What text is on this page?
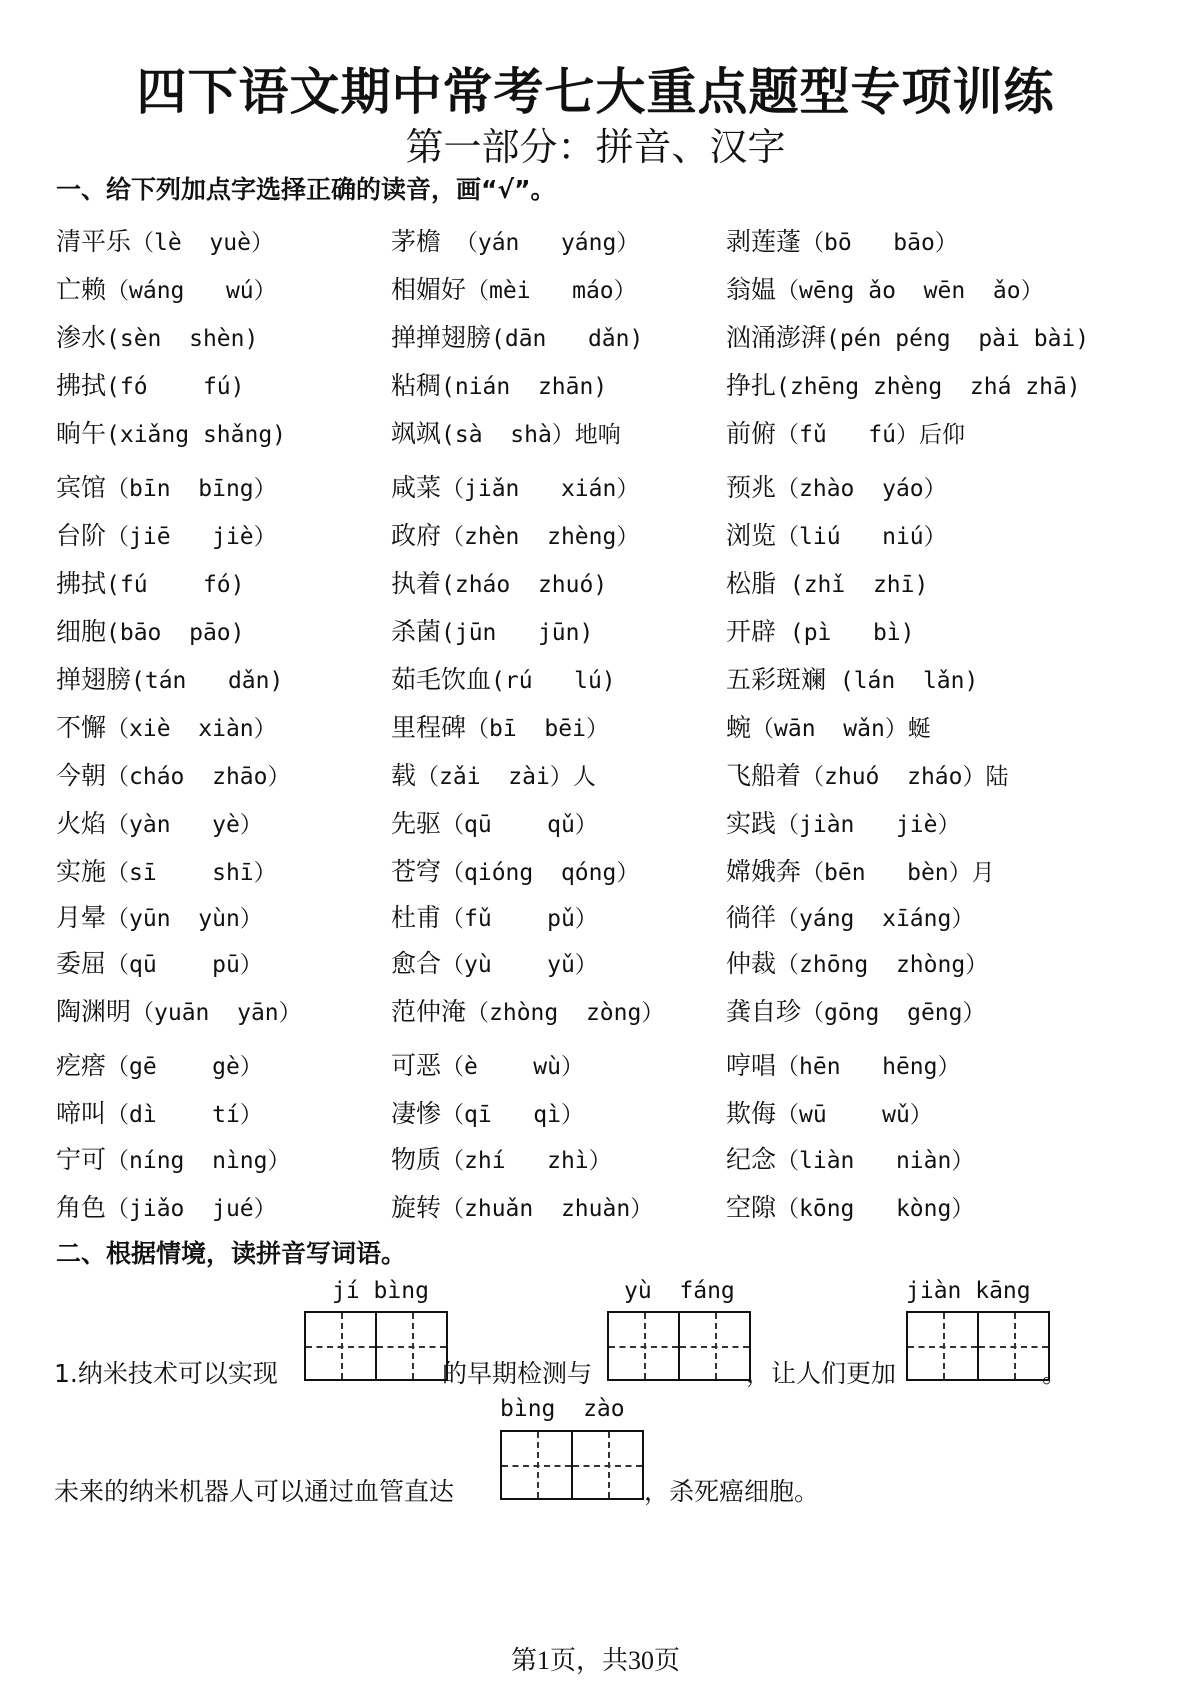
四下语文期中常考七大重点题型专项训练
第一部分：拼音、汉字
一、给下列加点字选择正确的读音，画“√”。
清平乐（lè  yuè）	茅檐 （yán   yáng）	剥莲蓬（bō   bāo）
亡赖（wáng   wú）	相媚好（mèi   máo）	翁媪（wēng ǎo  wēn  ǎo）
渗水(sèn  shèn)	掸掸翅膀(dān   dǎn)	汹涌澎湃(pén péng  pài bài)
拂拭(fó    fú)	粘稠(nián  zhān)	挣扎(zhēng zhèng  zhá zhā)
晌午(xiǎng shǎng)	飒飒(sà  shà）地响	前俯（fǔ   fú）后仰
宾馆（bīn  bīng）	咸菜（jiǎn   xián）	预兆（zhào  yáo）
台阶（jiē   jiè）	政府（zhèn  zhèng）	浏览（liú   niú）
拂拭(fú    fó)	执着(zháo  zhuó)	松脂 (zhǐ  zhī)
细胞(bāo  pāo)	杀菌(jūn   jūn)	开辟 (pì   bì)
掸翅膀(tán   dǎn)	茹毛饮血(rú   lú)	五彩斑斓 (lán  lǎn)
不懈（xiè  xiàn）	里程碑（bī  bēi）	蜿（wān  wǎn）蜒
今朝（cháo  zhāo）	载（zǎi  zài）人	飞船着（zhuó  zháo）陆
火焰（yàn   yè）	先驱（qū    qǔ）	实践（jiàn   jiè）
实施（sī    shī）	苍穹（qióng  qóng）	嫦娥奔（bēn   bèn）月
月晕（yūn  yùn）	杜甫（fǔ    pǔ）	徜徉（yáng  xīáng）
委屈（qū    pū）	愈合（yù    yǔ）	仲裁（zhōng  zhòng）
陶渊明（yuān  yān）	范仲淹（zhòng  zòng） 龚自珍（gōng  gēng）
疙瘩（gē    gè）	可恶（è    wù）	哼唱（hēn   hēng）
啼叫（dì    tí）	凄惨（qī   qì）	欺侮（wū    wǔ）
宁可（níng  nìng）	物质（zhí   zhì）	纪念（liàn   niàn）
角色（jiǎo  jué）	旋转（zhuǎn  zhuàn）	空隙（kōng   kòng）
二、根据情境，读拼音写词语。
jí bìng	yù  fáng	jiàn kāng
1.纳米技术可以实现	的早期检测与	，让人们更加	。
bìng  zào
未来的纳米机器人可以通过血管直达	，杀死癌细胞。
第1页，共30页
